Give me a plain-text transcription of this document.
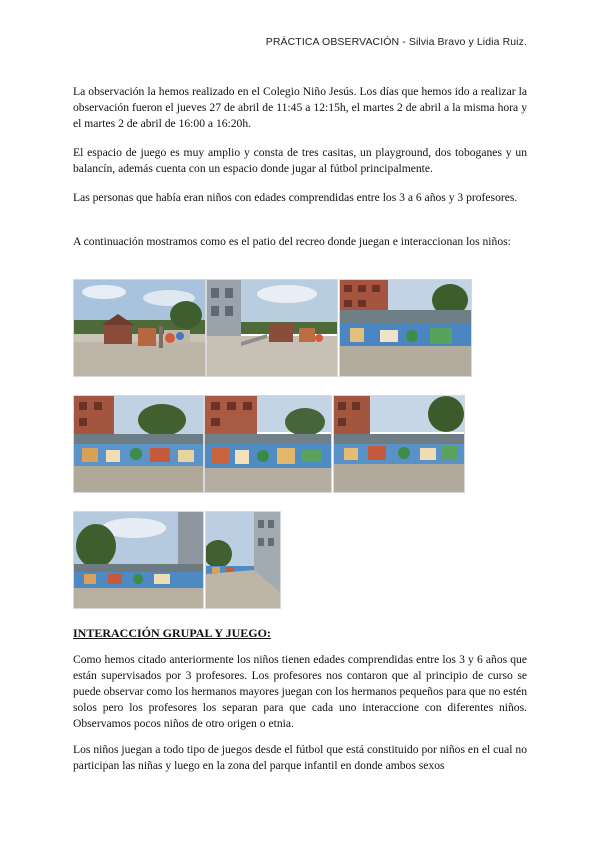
PRÁCTICA OBSERVACIÓN - Silvia Bravo y Lidia Ruiz.

La observación la hemos realizado en el Colegio Niño Jesús. Los días que hemos ido a realizar la observación fueron el jueves 27 de abril de 11:45 a 12:15h, el martes 2 de abril a la misma hora y el martes 2 de abril de 16:00 a 16:20h.

El espacio de juego es muy amplio y consta de tres casitas, un playground, dos toboganes y un balancín, además cuenta con un espacio donde jugar al fútbol principalmente.

Las personas que había eran niños con edades comprendidas entre los 3 a 6 años y 3 profesores.

A continuación mostramos como es el patio del recreo donde juegan e interaccionan los niños:

INTERACCIÓN GRUPAL Y JUEGO:

Como hemos citado anteriormente los niños tienen edades comprendidas entre los 3 y 6 años que están supervisados por 3 profesores. Los profesores nos contaron que al principio de curso se puede observar como los hermanos mayores juegan con los hermanos pequeños para que no estén solos pero los profesores los separan para que cada uno interaccione con diferentes niños. Observamos pocos niños de otro origen o etnia.

Los niños juegan a todo tipo de juegos desde el fútbol que está constituido por niños en el cual no participan las niñas y luego en la zona del parque infantil en donde ambos sexos
